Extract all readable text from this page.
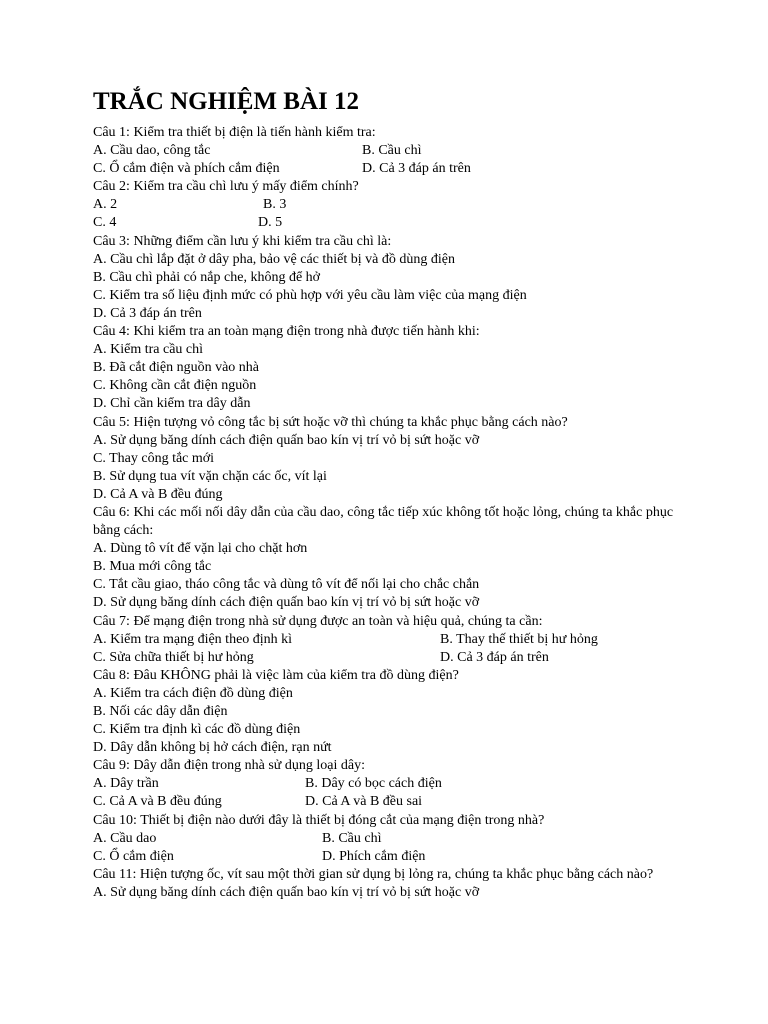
TRẮC NGHIỆM BÀI 12
Câu 1: Kiểm tra thiết bị điện là tiến hành kiểm tra:
A. Cầu dao, công tắc	B. Cầu chì
C. Ổ cắm điện và phích cắm điện	D. Cả 3 đáp án trên
Câu 2: Kiểm tra cầu chì lưu ý mấy điểm chính?
A. 2	B. 3
C. 4	D. 5
Câu 3: Những điểm cần lưu ý khi kiểm tra cầu chì là:
A. Cầu chì lắp đặt ở dây pha, bảo vệ các thiết bị và đồ dùng điện
B. Cầu chì phải có nắp che, không để hở
C. Kiểm tra số liệu định mức có phù hợp với yêu cầu làm việc của mạng điện
D. Cả 3 đáp án trên
Câu 4: Khi kiểm tra an toàn mạng điện trong nhà được tiến hành khi:
A. Kiểm tra cầu chì
B. Đã cắt điện nguồn vào nhà
C. Không cần cắt điện nguồn
D. Chỉ cần kiểm tra dây dẫn
Câu 5: Hiện tượng vỏ công tắc bị sứt hoặc vỡ thì chúng ta khắc phục bằng cách nào?
A. Sử dụng băng dính cách điện quấn bao kín vị trí vỏ bị sứt hoặc vỡ
C. Thay công tắc mới
B. Sử dụng tua vít vặn chặn các ốc, vít lại
D. Cả A và B đều đúng
Câu 6: Khi các mối nối dây dẫn của cầu dao, công tắc tiếp xúc không tốt hoặc lỏng, chúng ta khắc phục bằng cách:
A. Dùng tô vít để vặn lại cho chặt hơn
B. Mua mới công tắc
C. Tắt cầu giao, tháo công tắc và dùng tô vít để nối lại cho chắc chắn
D. Sử dụng băng dính cách điện quấn bao kín vị trí vỏ bị sứt hoặc vỡ
Câu 7: Để mạng điện trong nhà sử dụng được an toàn và hiệu quả, chúng ta cần:
A. Kiểm tra mạng điện theo định kì	B. Thay thế thiết bị hư hỏng
C. Sửa chữa thiết bị hư hỏng	D. Cả 3 đáp án trên
Câu 8: Đâu KHÔNG phải là việc làm của kiểm tra đồ dùng điện?
A. Kiểm tra cách điện đồ dùng điện
B. Nối các dây dẫn điện
C. Kiểm tra định kì các đồ dùng điện
D. Dây dẫn không bị hở cách điện, rạn nứt
Câu 9: Dây dẫn điện trong nhà sử dụng loại dây:
A. Dây trần	B. Dây có bọc cách điện
C. Cả A và B đều đúng	D. Cả A và B đều sai
Câu 10: Thiết bị điện nào dưới đây là thiết bị đóng cắt của mạng điện trong nhà?
A. Cầu dao	B. Cầu chì
C. Ổ cắm điện	D. Phích cắm điện
Câu 11: Hiện tượng ốc, vít sau một thời gian sử dụng bị lỏng ra, chúng ta khắc phục bằng cách nào?
A. Sử dụng băng dính cách điện quấn bao kín vị trí vỏ bị sứt hoặc vỡ
